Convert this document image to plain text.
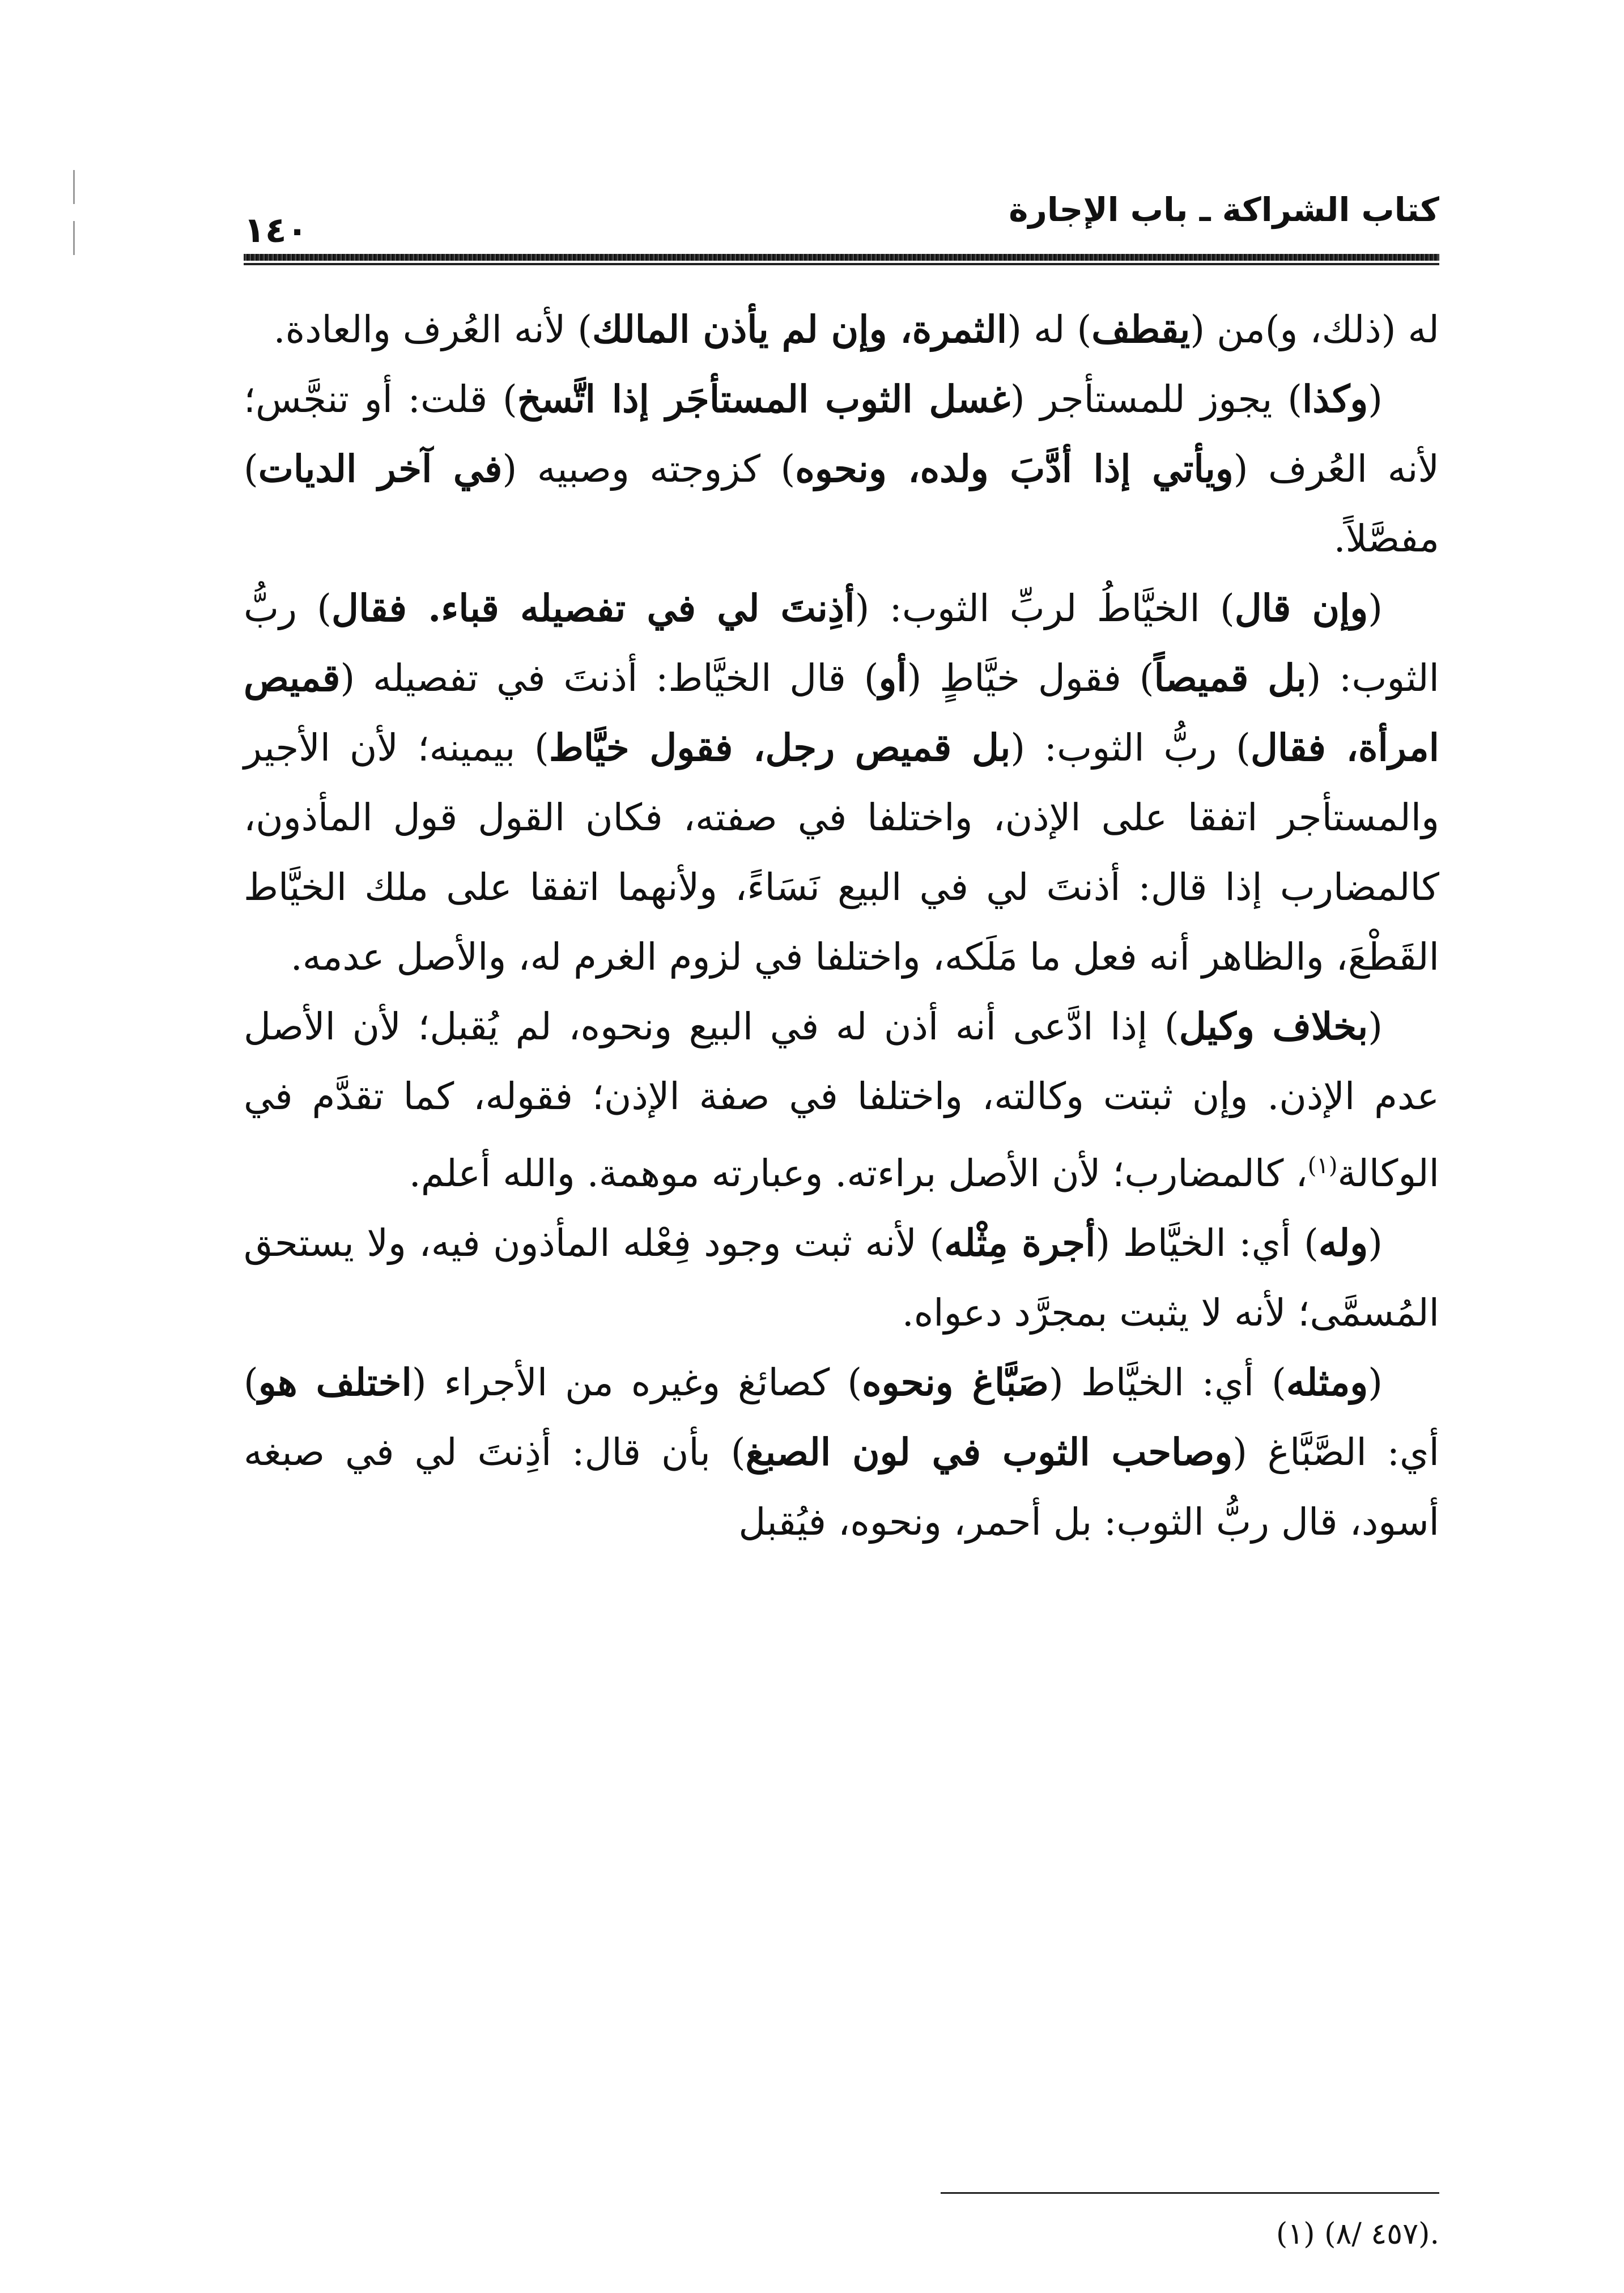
كتاب الشراكة ـ باب الإجارة
١٤٠

له (ذلك، و)من (يقطف) له (الثمرة، وإن لم يأذن المالك) لأنه العُرف والعادة.

(وكذا) يجوز للمستأجر (غسل الثوب المستأجَر إذا اتَّسخ) قلت: أو تنجَّس؛ لأنه العُرف (ويأتي إذا أدَّبَ ولده، ونحوه) كزوجته وصبيه (في آخر الديات) مفصَّلاً.

(وإن قال) الخيَّاطُ لربِّ الثوب: (أذِنتَ لي في تفصيله قباء. فقال) ربُّ الثوب: (بل قميصاً) فقول خيَّاطٍ (أو) قال الخيَّاط: أذنتَ في تفصيله (قميص امرأة، فقال) ربُّ الثوب: (بل قميص رجل، فقول خيَّاط) بيمينه؛ لأن الأجير والمستأجر اتفقا على الإذن، واختلفا في صفته، فكان القول قول المأذون، كالمضارب إذا قال: أذنتَ لي في البيع نَسَاءً، ولأنهما اتفقا على ملك الخيَّاط القَطْعَ، والظاهر أنه فعل ما مَلَكه، واختلفا في لزوم الغرم له، والأصل عدمه.

(بخلاف وكيل) إذا ادَّعى أنه أذن له في البيع ونحوه، لم يُقبل؛ لأن الأصل عدم الإذن. وإن ثبتت وكالته، واختلفا في صفة الإذن؛ فقوله، كما تقدَّم في الوكالة$^{(١)}$، كالمضارب؛ لأن الأصل براءته. وعبارته موهمة. والله أعلم.

(وله) أي: الخيَّاط (أجرة مِثْله) لأنه ثبت وجود فِعْله المأذون فيه، ولا يستحق المُسمَّى؛ لأنه لا يثبت بمجرَّد دعواه.

(ومثله) أي: الخيَّاط (صَبَّاغ ونحوه) كصائغ وغيره من الأجراء (اختلف هو) أي: الصَّبَّاغ (وصاحب الثوب في لون الصبغ) بأن قال: أذِنتَ لي في صبغه أسود، قال ربُّ الثوب: بل أحمر، ونحوه، فيُقبل

.(٤٥٧ /٨) (١)
